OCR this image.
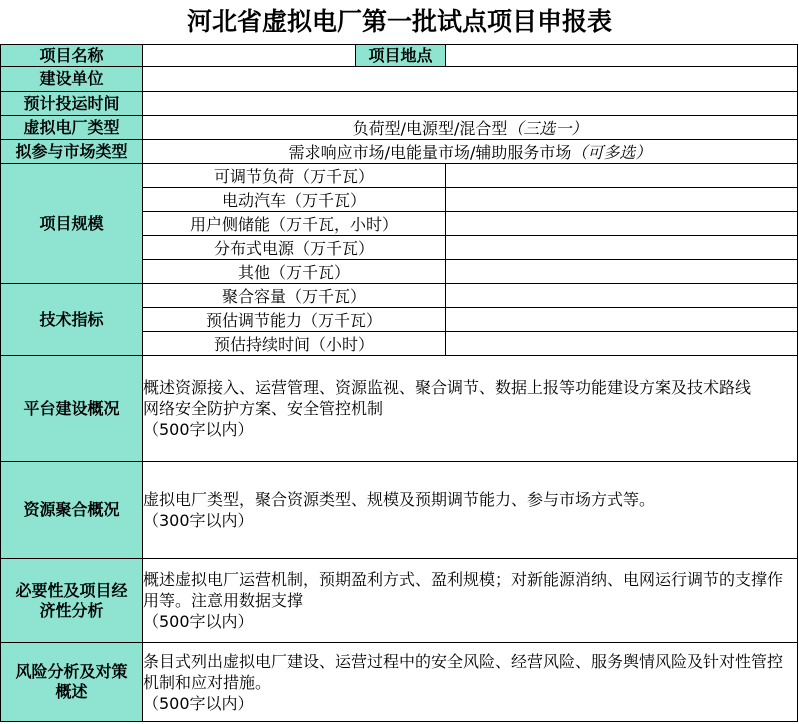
河北省虚拟电厂第一批试点项目申报表
项目名称		项目地点	
建设单位			
预计投运时间			
虚拟电厂类型	负荷型/电源型/混合型（三选一）		
拟参与市场类型	需求响应市场/电能量市场/辅助服务市场（可多选）		
项目规模	可调节负荷（万千瓦）		
	电动汽车（万千瓦）		
	用户侧储能（万千瓦，小时）		
	分布式电源（万千瓦）		
	其他（万千瓦）		
技术指标	聚合容量（万千瓦）		
	预估调节能力（万千瓦）		
	预估持续时间（小时）		
平台建设概况	概述资源接入、运营管理、资源监视、聚合调节、数据上报等功能建设方案及技术路线
网络安全防护方案、安全管控机制
（500字以内）		

资源聚合概况	虚拟电厂类型，聚合资源类型、规模及预期调节能力、参与市场方式等。
（300字以内）		

必要性及项目经
济性分析	概述虚拟电厂运营机制，预期盈利方式、盈利规模；对新能源消纳、电网运行调节的支撑作用等。注意用数据支撑
（500字以内）		

风险分析及对策
概述	条目式列出虚拟电厂建设、运营过程中的安全风险、经营风险、服务舆情风险及针对性管控机制和应对措施。
（500字以内）		
